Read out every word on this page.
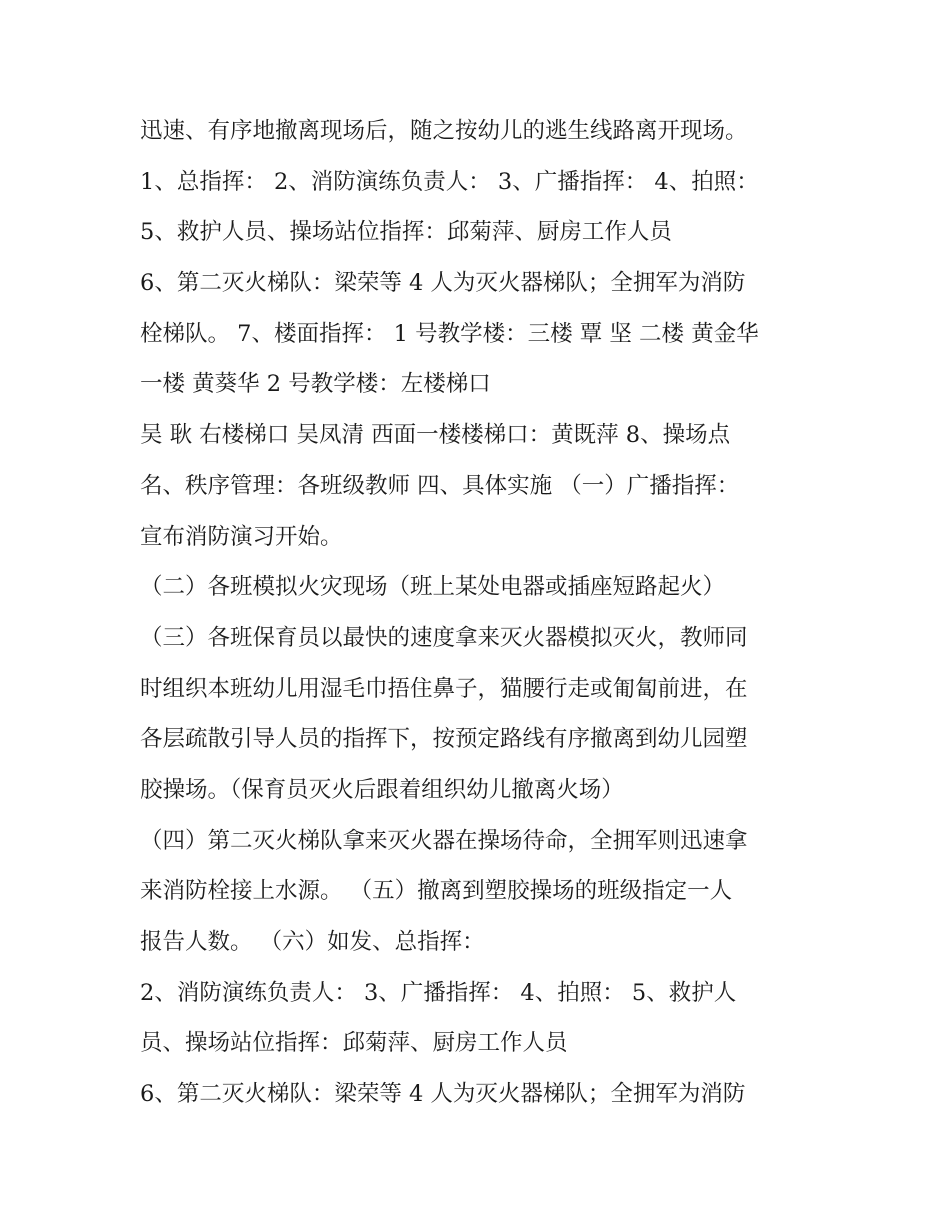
迅速、有序地撤离现场后，随之按幼儿的逃生线路离开现场。
1、总指挥： 2、消防演练负责人： 3、广播指挥： 4、拍照：
5、救护人员、操场站位指挥：邱菊萍、厨房工作人员
6、第二灭火梯队：梁荣等 4 人为灭火器梯队；全拥军为消防
栓梯队。 7、楼面指挥： 1 号教学楼：三楼 覃 坚 二楼 黄金华
一楼 黄葵华 2 号教学楼：左楼梯口
吴 耿 右楼梯口 吴凤清 西面一楼楼梯口：黄既萍 8、操场点
名、秩序管理：各班级教师 四、具体实施 （一）广播指挥：
宣布消防演习开始。
（二）各班模拟火灾现场（班上某处电器或插座短路起火）
（三）各班保育员以最快的速度拿来灭火器模拟灭火，教师同
时组织本班幼儿用湿毛巾捂住鼻子，猫腰行走或匍匐前进，在
各层疏散引导人员的指挥下，按预定路线有序撤离到幼儿园塑
胶操场。（保育员灭火后跟着组织幼儿撤离火场）
（四）第二灭火梯队拿来灭火器在操场待命，全拥军则迅速拿
来消防栓接上水源。 （五）撤离到塑胶操场的班级指定一人
报告人数。 （六）如发、总指挥：
2、消防演练负责人： 3、广播指挥： 4、拍照： 5、救护人
员、操场站位指挥：邱菊萍、厨房工作人员
6、第二灭火梯队：梁荣等 4 人为灭火器梯队；全拥军为消防
